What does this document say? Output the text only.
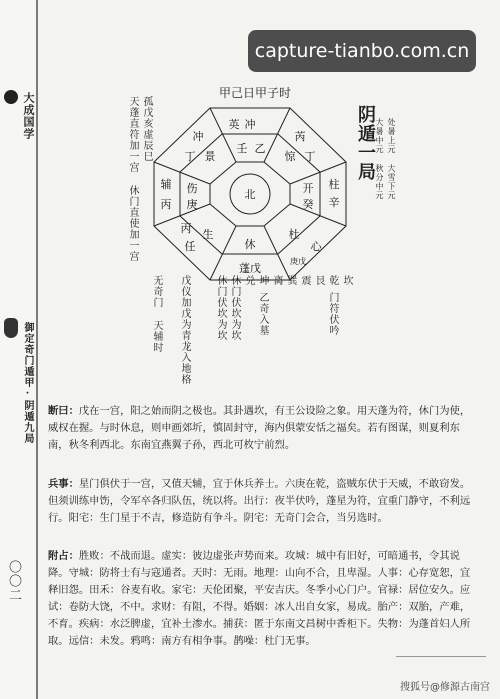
大成国学
御定奇门遁甲·阴遁九局
〇〇二
capture-tianbo.com.cn
甲己日甲子时
英 冲
壬 乙
芮
惊 丁
柱
辛
开
癸
心
杜
庚戊
蓬戊
休
任
生
丙
辅
丙
伤
庚
冲
景
丁
北
阴遁一局 大暑中元 秋分中元 处暑上元 大雪下元
孤戊亥虚辰巳
天蓬直符加一宫 休门直使加一宫
坎
乾
艮
震
巽
离
坤
兑
门符伏吟
乙奇入墓
休门伏坎为坎
休门伏坎为坎
戊仪加戊为青龙入地格
无奇门 天辅时
断曰：戊在一宫，阳之始而阴之极也。其卦遇坎，有王公设险之象。用天蓬为符，休门为使，威权在握。与时休息，则申画郊圻，慎固封守，海内俱蒙安恬之福矣。若有图谋，则夏利东南，秋冬利西北。东南宜燕翼子孙，西北可枚宁前烈。
兵事：星门俱伏于一宫，又值天辅，宜于休兵养士。六庚在乾，盗贼东伏于天威，不敢窃发。但须训练申饬，令军卒各归队伍，统以将。出行：夜半伏吟，蓬星为符，宜重门静守，不利远行。阳宅：生门星于不吉，修造防有争斗。阴宅：无奇门会合，当另选时。
附占：胜败：不战而退。虚实：彼边虚张声势而来。攻城：城中有旧好，可暗通书，令其说降。守城：防将士有与寇通者。天时：无雨。地理：山向不合，且卑湿。人事：心存宽恕，宜释旧怨。田禾：谷麦有收。家宅：天伦团聚，平安吉庆。冬季小心门户。官禄：居位安久。应试：卷防大饶，不中。求财：有阻，不得。婚姻：冰人出自女家，易成。胎产：双胎，产难，不育。疾病：水泛脾虚，宜补土渗水。捕获：匿于东南文昌树中香柜下。失物：为蓬首妇人所取。远信：未发。鸦鸣：南方有相争事。鹊噪：杜门无事。
搜狐号@修源古南宫
